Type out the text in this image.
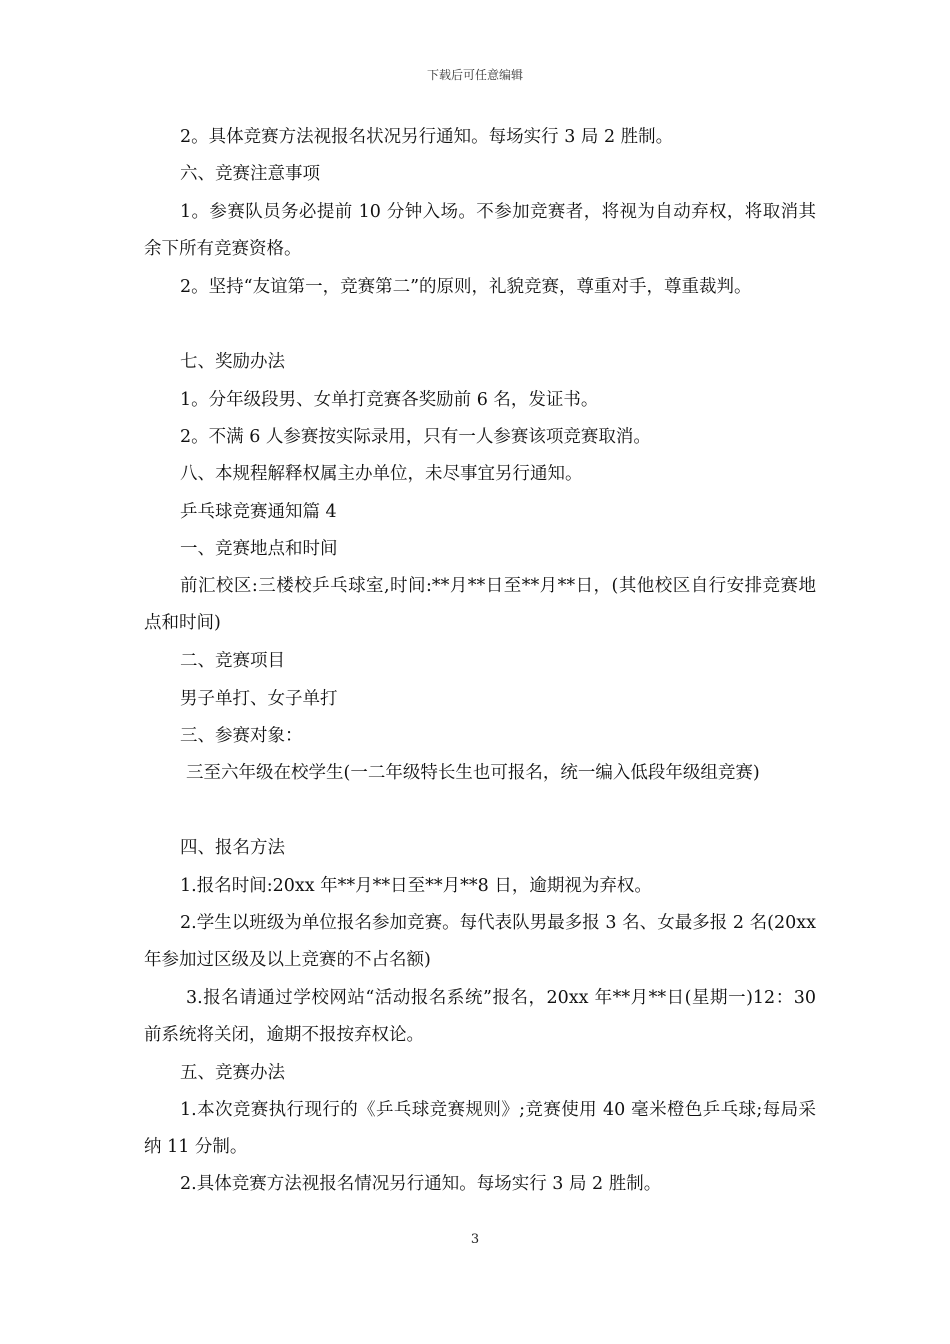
下载后可任意编辑
2。具体竞赛方法视报名状况另行通知。每场实行 3 局 2 胜制。
六、竞赛注意事项
1。参赛队员务必提前 10 分钟入场。不参加竞赛者，将视为自动弃权，将取消其余下所有竞赛资格。
2。坚持“友谊第一，竞赛第二”的原则，礼貌竞赛，尊重对手，尊重裁判。
七、奖励办法
1。分年级段男、女单打竞赛各奖励前 6 名，发证书。
2。不满 6 人参赛按实际录用，只有一人参赛该项竞赛取消。
八、本规程解释权属主办单位，未尽事宜另行通知。
乒乓球竞赛通知篇 4
一、竞赛地点和时间
前汇校区:三楼校乒乓球室,时间:**月**日至**月**日，(其他校区自行安排竞赛地点和时间)
二、竞赛项目
男子单打、女子单打
三、参赛对象：
三至六年级在校学生(一二年级特长生也可报名，统一编入低段年级组竞赛)
四、报名方法
1.报名时间:20xx 年**月**日至**月**8 日，逾期视为弃权。
2.学生以班级为单位报名参加竞赛。每代表队男最多报 3 名、女最多报 2 名(20xx 年参加过区级及以上竞赛的不占名额)
3.报名请通过学校网站“活动报名系统”报名，20xx 年**月**日(星期一)12：30 前系统将关闭，逾期不报按弃权论。
五、竞赛办法
1.本次竞赛执行现行的《乒乓球竞赛规则》;竞赛使用 40 毫米橙色乒乓球;每局采纳 11 分制。
2.具体竞赛方法视报名情况另行通知。每场实行 3 局 2 胜制。
3
